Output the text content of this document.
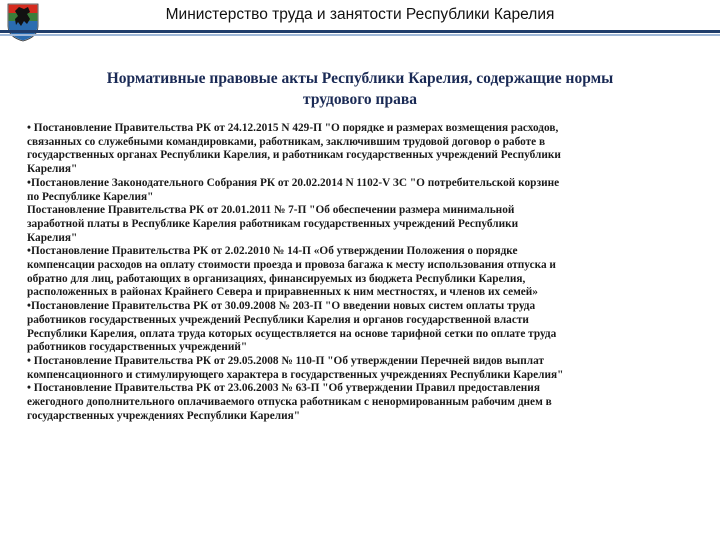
Министерство труда и занятости Республики Карелия
Нормативные правовые акты Республики Карелия, содержащие нормы
трудового права
• Постановление Правительства РК от 24.12.2015 N 429-П "О порядке и размерах возмещения расходов,
связанных со служебными командировками, работникам, заключившим трудовой договор о работе в
государственных органах Республики Карелия, и работникам государственных учреждений Республики
Карелия"
•Постановление Законодательного Собрания РК от 20.02.2014 N 1102-V ЗС "О потребительской корзине
по Республике Карелия"
Постановление Правительства РК от 20.01.2011 № 7-П "Об обеспечении размера минимальной
заработной платы в Республике Карелия работникам государственных учреждений Республики
Карелия"
•Постановление Правительства РК от 2.02.2010 № 14-П «Об утверждении Положения о порядке
компенсации расходов на оплату стоимости проезда и провоза багажа к месту использования отпуска и
обратно для лиц, работающих в организациях, финансируемых из бюджета Республики Карелия,
расположенных в районах Крайнего Севера и приравненных к ним местностях, и членов их семей»
•Постановление Правительства РК от 30.09.2008 № 203-П "О введении новых систем оплаты труда
работников государственных учреждений Республики Карелия и органов государственной власти
Республики Карелия, оплата труда которых осуществляется на основе тарифной сетки по оплате труда
работников государственных учреждений"
• Постановление Правительства РК от 29.05.2008 № 110-П "Об утверждении Перечней видов выплат
компенсационного и стимулирующего характера в государственных учреждениях Республики Карелия"
• Постановление Правительства РК от 23.06.2003 № 63-П "Об утверждении Правил предоставления
ежегодного дополнительного оплачиваемого отпуска работникам с ненормированным рабочим днем в
государственных учреждениях Республики Карелия"
